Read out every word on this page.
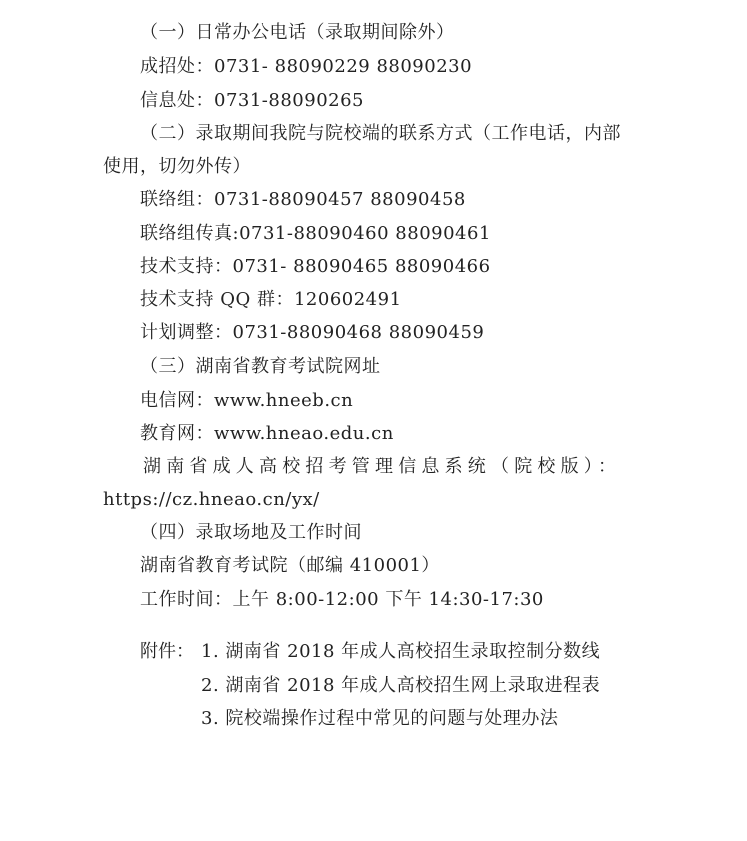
（一）日常办公电话（录取期间除外）
成招处：0731- 88090229 88090230
信息处：0731-88090265
（二）录取期间我院与院校端的联系方式（工作电话，内部
使用，切勿外传）
联络组：0731-88090457 88090458
联络组传真:0731-88090460 88090461
技术支持：0731- 88090465 88090466
技术支持 QQ 群：120602491
计划调整：0731-88090468 88090459
（三）湖南省教育考试院网址
电信网：www.hneeb.cn
教育网：www.hneao.edu.cn
湖南省成人高校招考管理信息系统（院校版）：
https://cz.hneao.cn/yx/
（四）录取场地及工作时间
湖南省教育考试院（邮编 410001）
工作时间：上午 8:00-12:00 下午 14:30-17:30
附件： 1. 湖南省 2018 年成人高校招生录取控制分数线
2. 湖南省 2018 年成人高校招生网上录取进程表
3. 院校端操作过程中常见的问题与处理办法
